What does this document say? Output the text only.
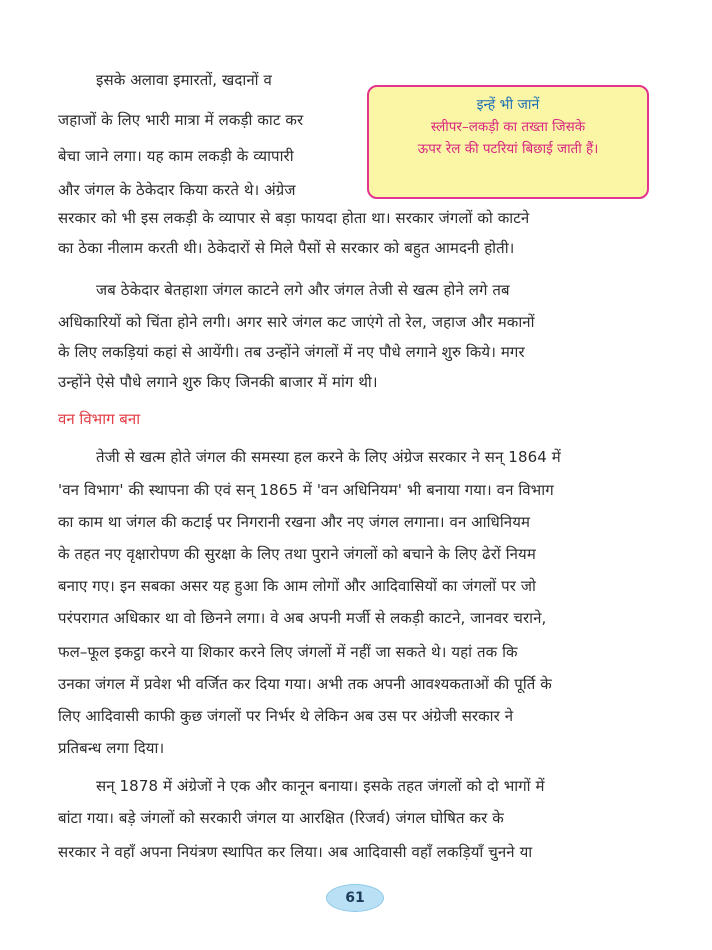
इसके अलावा इमारतों, खदानों व
जहाजों के लिए भारी मात्रा में लकड़ी काट कर
बेचा जाने लगा। यह काम लकड़ी के व्यापारी
और जंगल के ठेकेदार किया करते थे। अंग्रेज
सरकार को भी इस लकड़ी के व्यापार से बड़ा फायदा होता था। सरकार जंगलों को काटने
का ठेका नीलाम करती थी। ठेकेदारों से मिले पैसों से सरकार को बहुत आमदनी होती।
इन्हें भी जानें
स्लीपर–लकड़ी का तख्ता जिसके
ऊपर रेल की पटरियां बिछाई जाती हैं।
जब ठेकेदार बेतहाशा जंगल काटने लगे और जंगल तेजी से खत्म होने लगे तब
अधिकारियों को चिंता होने लगी। अगर सारे जंगल कट जाएंगे तो रेल, जहाज और मकानों
के लिए लकड़ियां कहां से आयेंगी। तब उन्होंने जंगलों में नए पौधे लगाने शुरु किये। मगर
उन्होंने ऐसे पौधे लगाने शुरु किए जिनकी बाजार में मांग थी।
वन विभाग बना
तेजी से खत्म होते जंगल की समस्या हल करने के लिए अंग्रेज सरकार ने सन् 1864 में
'वन विभाग' की स्थापना की एवं सन् 1865 में 'वन अधिनियम' भी बनाया गया। वन विभाग
का काम था जंगल की कटाई पर निगरानी रखना और नए जंगल लगाना। वन आधिनियम
के तहत नए वृक्षारोपण की सुरक्षा के लिए तथा पुराने जंगलों को बचाने के लिए ढेरों नियम
बनाए गए। इन सबका असर यह हुआ कि आम लोगों और आदिवासियों का जंगलों पर जो
परंपरागत अधिकार था वो छिनने लगा। वे अब अपनी मर्जी से लकड़ी काटने, जानवर चराने,
फल–फूल इकट्ठा करने या शिकार करने लिए जंगलों में नहीं जा सकते थे। यहां तक कि
उनका जंगल में प्रवेश भी वर्जित कर दिया गया। अभी तक अपनी आवश्यकताओं की पूर्ति के
लिए आदिवासी काफी कुछ जंगलों पर निर्भर थे लेकिन अब उस पर अंग्रेजी सरकार ने
प्रतिबन्ध लगा दिया।
सन् 1878 में अंग्रेजों ने एक और कानून बनाया। इसके तहत जंगलों को दो भागों में
बांटा गया। बड़े जंगलों को सरकारी जंगल या आरक्षित (रिजर्व) जंगल घोषित कर के
सरकार ने वहाँ अपना नियंत्रण स्थापित कर लिया। अब आदिवासी वहाँ लकड़ियाँ चुनने या
61
